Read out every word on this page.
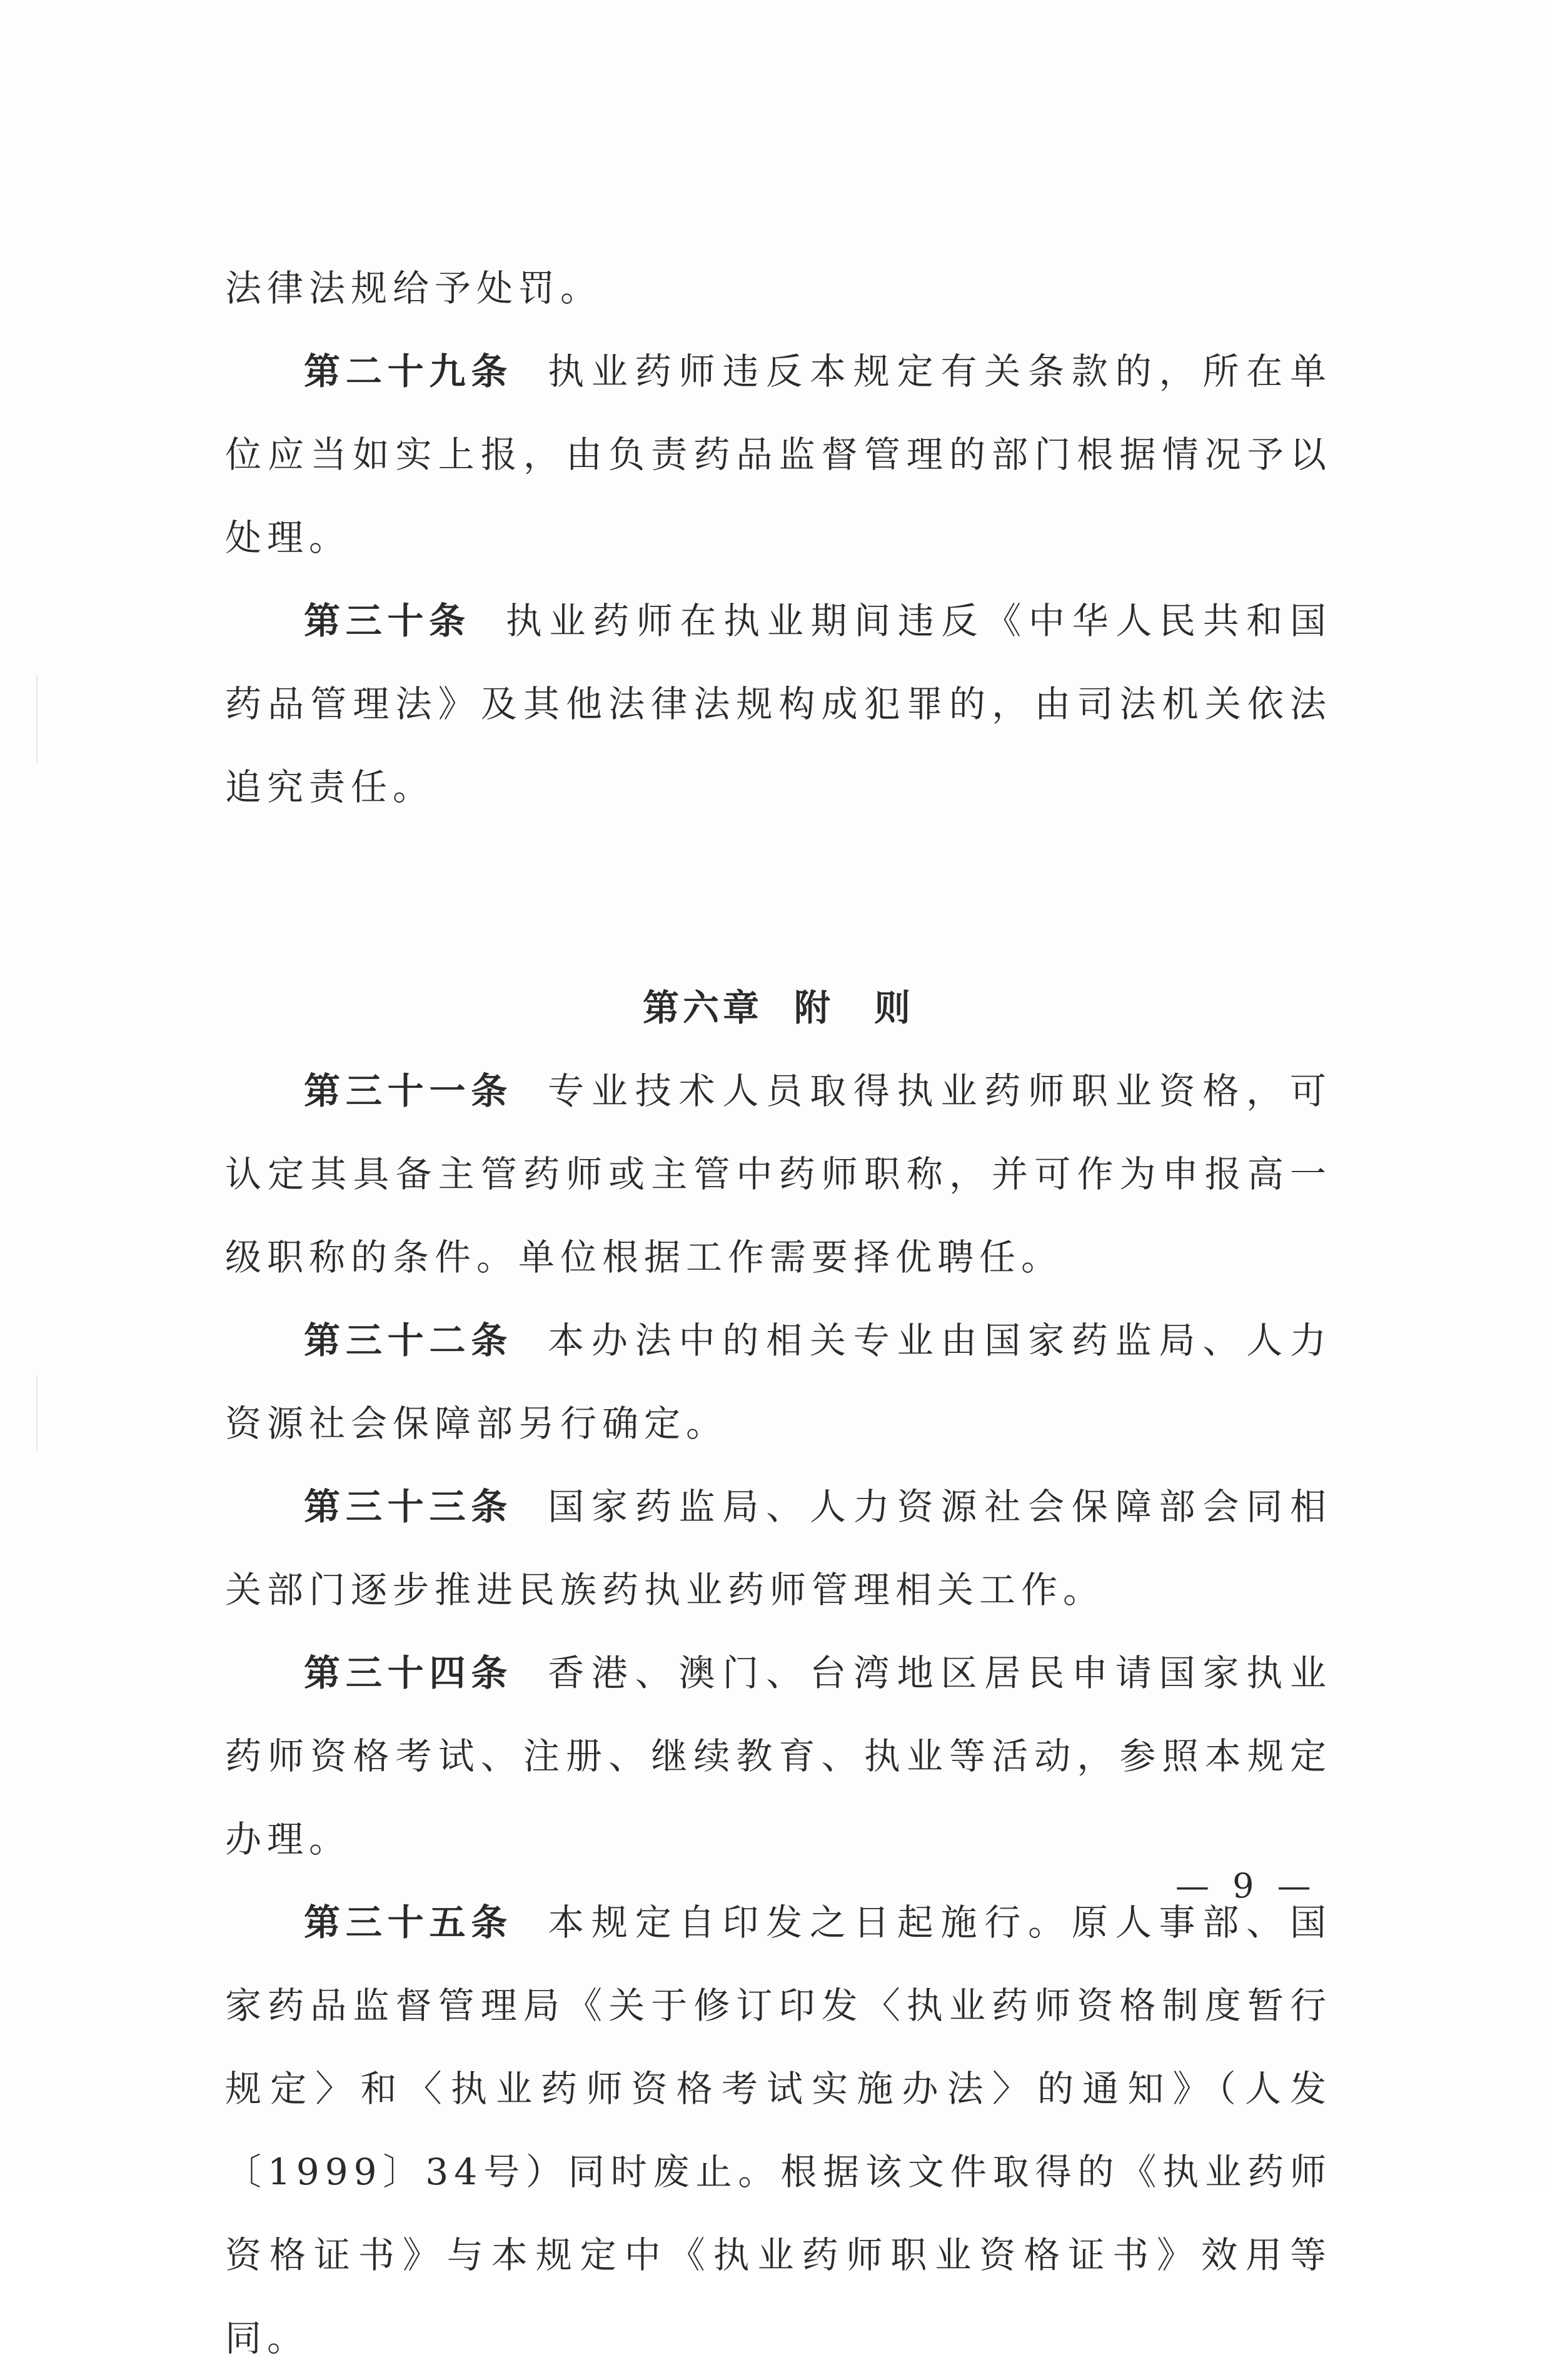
法律法规给予处罚。

第二十九条 执业药师违反本规定有关条款的，所在单位应当如实上报，由负责药品监督管理的部门根据情况予以处理。

第三十条 执业药师在执业期间违反《中华人民共和国药品管理法》及其他法律法规构成犯罪的，由司法机关依法追究责任。

第六章 附　则

第三十一条 专业技术人员取得执业药师职业资格，可认定其具备主管药师或主管中药师职称，并可作为申报高一级职称的条件。单位根据工作需要择优聘任。

第三十二条 本办法中的相关专业由国家药监局、人力资源社会保障部另行确定。

第三十三条 国家药监局、人力资源社会保障部会同相关部门逐步推进民族药执业药师管理相关工作。

第三十四条 香港、澳门、台湾地区居民申请国家执业药师资格考试、注册、继续教育、执业等活动，参照本规定办理。

第三十五条 本规定自印发之日起施行。原人事部、国家药品监督管理局《关于修订印发〈执业药师资格制度暂行规定〉和〈执业药师资格考试实施办法〉的通知》（人发〔1999〕34号）同时废止。根据该文件取得的《执业药师资格证书》与本规定中《执业药师职业资格证书》效用等同。

— 9 —
